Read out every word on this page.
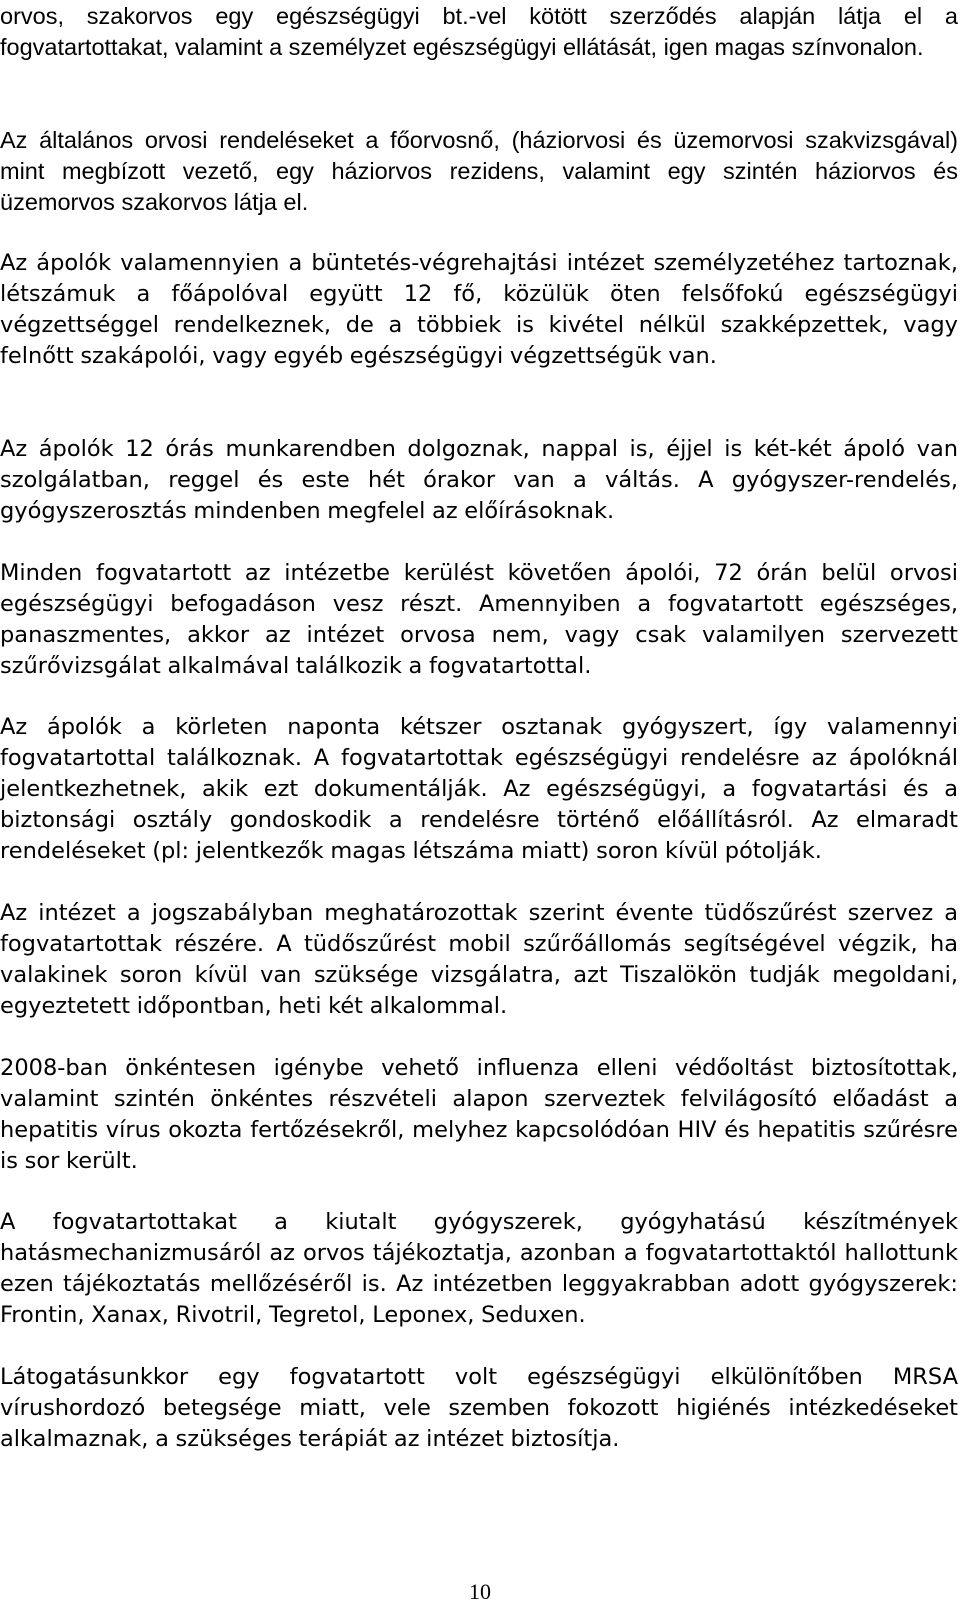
orvos, szakorvos egy egészségügyi bt.-vel kötött szerződés alapján látja el a fogvatartottakat, valamint a személyzet egészségügyi ellátását, igen magas színvonalon.

Az általános orvosi rendeléseket a főorvosnő, (háziorvosi és üzemorvosi szakvizsgával) mint megbízott vezető, egy háziorvos rezidens, valamint egy szintén háziorvos és üzemorvos szakorvos látja el.

Az ápolók valamennyien a büntetés-végrehajtási intézet személyzetéhez tartoznak, létszámuk a főápolóval együtt 12 fő, közülük öten felsőfokú egészségügyi végzettséggel rendelkeznek, de a többiek is kivétel nélkül szakképzettek, vagy felnőtt szakápolói, vagy egyéb egészségügyi végzettségük van.

Az ápolók 12 órás munkarendben dolgoznak, nappal is, éjjel is két-két ápoló van szolgálatban, reggel és este hét órakor van a váltás. A gyógyszer-rendelés, gyógyszerosztás mindenben megfelel az előírásoknak.

Minden fogvatartott az intézetbe kerülést követően ápolói, 72 órán belül orvosi egészségügyi befogadáson vesz részt. Amennyiben a fogvatartott egészséges, panaszmentes, akkor az intézet orvosa nem, vagy csak valamilyen szervezett szűrővizsgálat alkalmával találkozik a fogvatartottal.

Az ápolók a körleten naponta kétszer osztanak gyógyszert, így valamennyi fogvatartottal találkoznak. A fogvatartottak egészségügyi rendelésre az ápolóknál jelentkezhetnek, akik ezt dokumentálják. Az egészségügyi, a fogvatartási és a biztonsági osztály gondoskodik a rendelésre történő előállításról. Az elmaradt rendeléseket (pl: jelentkezők magas létszáma miatt) soron kívül pótolják.

Az intézet a jogszabályban meghatározottak szerint évente tüdőszűrést szervez a fogvatartottak részére. A tüdőszűrést mobil szűrőállomás segítségével végzik, ha valakinek soron kívül van szüksége vizsgálatra, azt Tiszalökön tudják megoldani, egyeztetett időpontban, heti két alkalommal.

2008-ban önkéntesen igénybe vehető influenza elleni védőoltást biztosítottak, valamint szintén önkéntes részvételi alapon szerveztek felvilágosító előadást a hepatitis vírus okozta fertőzésekről, melyhez kapcsolódóan HIV és hepatitis szűrésre is sor került.

A fogvatartottakat a kiutalt gyógyszerek, gyógyhatású készítmények hatásmechanizmusáról az orvos tájékoztatja, azonban a fogvatartottaktól hallottunk ezen tájékoztatás mellőzéséről is. Az intézetben leggyakrabban adott gyógyszerek: Frontin, Xanax, Rivotril, Tegretol, Leponex, Seduxen.

Látogatásunkkor egy fogvatartott volt egészségügyi elkülönítőben MRSA vírushordozó betegsége miatt, vele szemben fokozott higiénés intézkedéseket alkalmaznak, a szükséges terápiát az intézet biztosítja.

10
